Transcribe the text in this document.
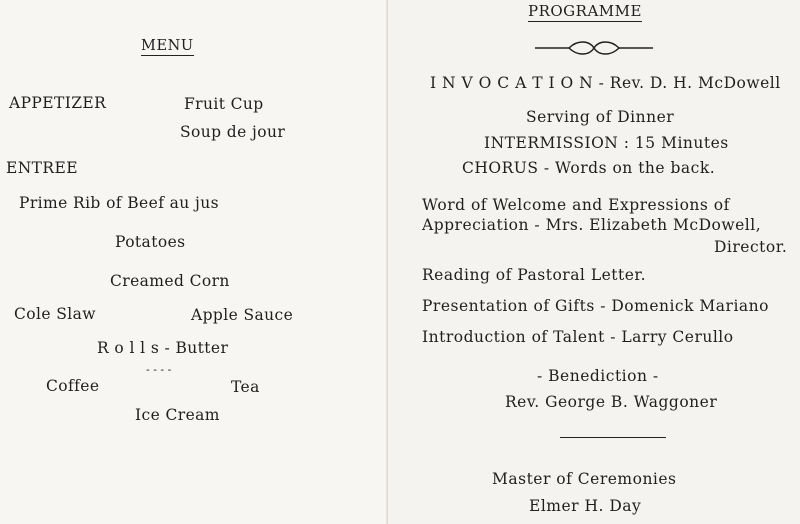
MENU
APPETIZER	Fruit Cup
Soup de jour
ENTREE
Prime Rib of Beef au jus
Potatoes
Creamed Corn
Cole Slaw	Apple Sauce
R o l l s - Butter
- - - -
Coffee	Tea
Ice Cream
PROGRAMME
I N V O C A T I O N - Rev. D. H. McDowell
Serving of Dinner
INTERMISSION : 15 Minutes
CHORUS - Words on the back.
Word of Welcome and Expressions of
Appreciation - Mrs. Elizabeth McDowell,
Director.
Reading of Pastoral Letter.
Presentation of Gifts - Domenick Mariano
Introduction of Talent - Larry Cerullo
- Benediction -
Rev. George B. Waggoner
Master of Ceremonies
Elmer H. Day
